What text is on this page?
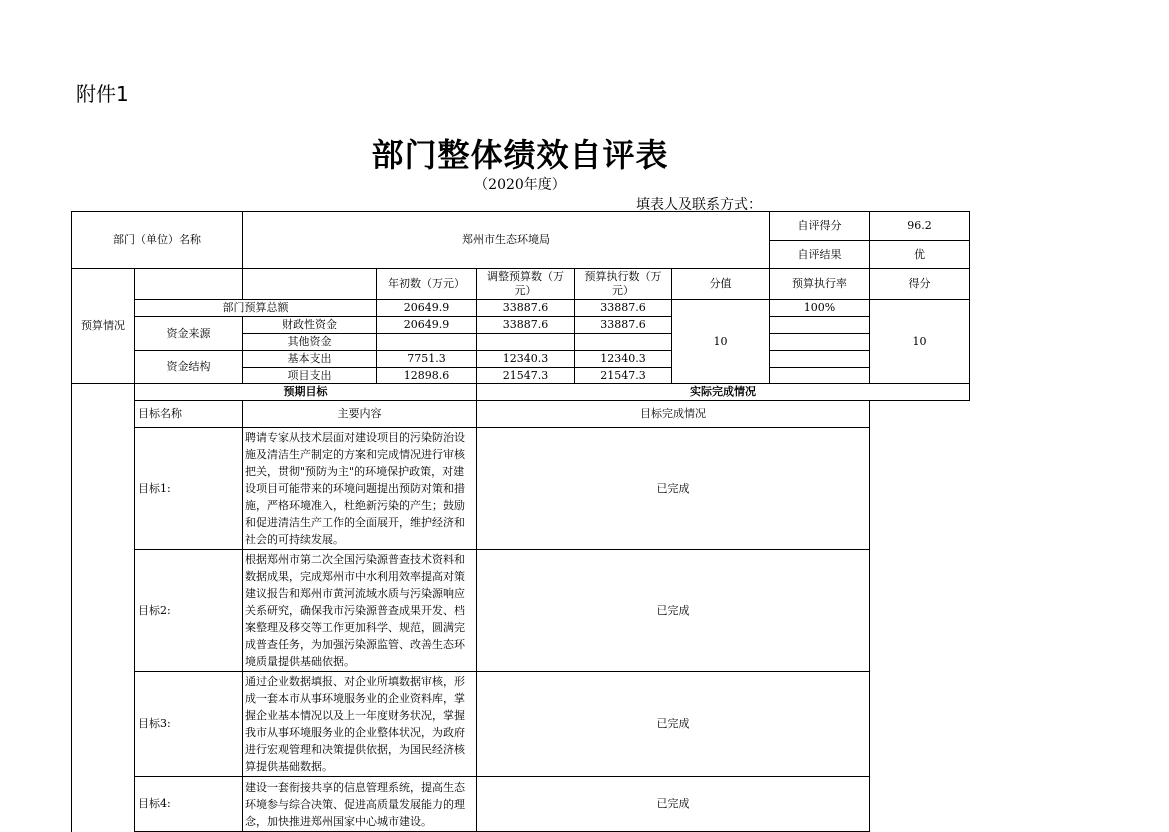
附件1
部门整体绩效自评表
（2020年度）
填表人及联系方式：
部门（单位）名称		郑州市生态环境局					自评得分	96.2
							自评结果	优
预算情况			年初数（万元）	调整预算数（万元）	预算执行数（万元）	分值	预算执行率	得分
	部门预算总额		20649.9	33887.6	33887.6	10	100%	10
	资金来源	财政性资金	20649.9	33887.6	33887.6			
		其他资金						
	资金结构	基本支出	7751.3	12340.3	12340.3			
		项目支出	12898.6	21547.3	21547.3			
	预期目标			实际完成情况				
	目标名称	主要内容		目标完成情况				
	目标1:	聘请专家从技术层面对建设项目的污染防治设施及清洁生产制定的方案和完成情况进行审核把关，贯彻"预防为主"的环境保护政策，对建设项目可能带来的环境问题提出预防对策和措施，严格环境准入，杜绝新污染的产生；鼓励和促进清洁生产工作的全面展开，维护经济和社会的可持续发展。		已完成				
	目标2:	根据郑州市第二次全国污染源普查技术资料和数据成果，完成郑州市中水利用效率提高对策建议报告和郑州市黄河流域水质与污染源响应关系研究，确保我市污染源普查成果开发、档案整理及移交等工作更加科学、规范，圆满完成普查任务，为加强污染源监管、改善生态环境质量提供基础依据。		已完成				
	目标3:	通过企业数据填报、对企业所填数据审核，形成一套本市从事环境服务业的企业资料库，掌握企业基本情况以及上一年度财务状况，掌握我市从事环境服务业的企业整体状况，为政府进行宏观管理和决策提供依据，为国民经济核算提供基础数据。		已完成				
	目标4:	建设一套衔接共享的信息管理系统，提高生态环境参与综合决策、促进高质量发展能力的理念，加快推进郑州国家中心城市建设。		已完成				
